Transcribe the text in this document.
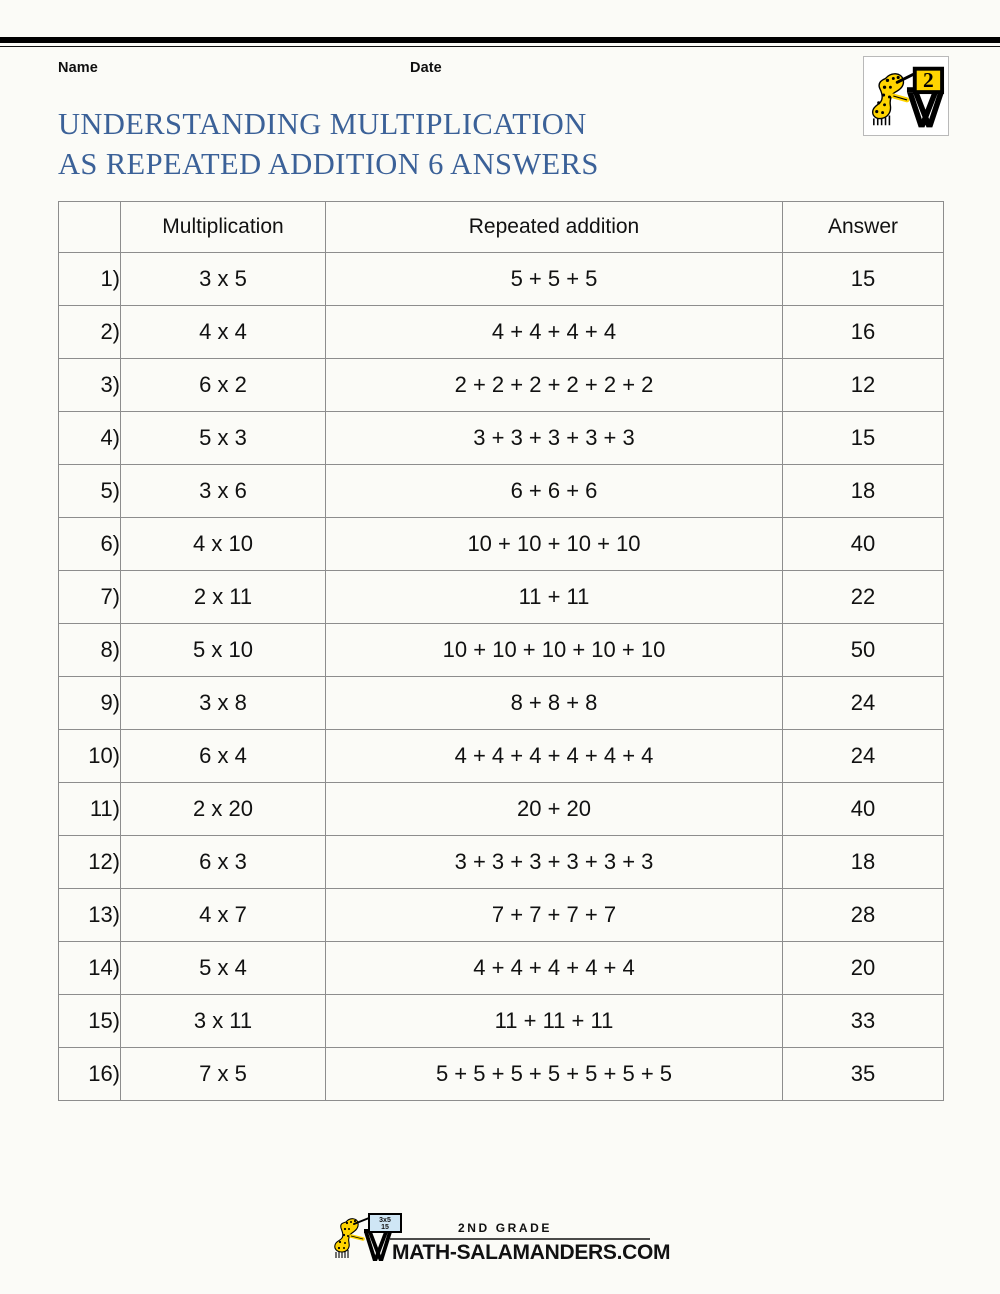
Name	Date
2
UNDERSTANDING MULTIPLICATION
AS REPEATED ADDITION 6 ANSWERS
	Multiplication	Repeated addition	Answer
1)	3 x 5	5 + 5 + 5	15
2)	4 x 4	4 + 4 + 4 + 4	16
3)	6 x 2	2 + 2 + 2 + 2 + 2 + 2	12
4)	5 x 3	3 + 3 + 3 + 3 + 3	15
5)	3 x 6	6 + 6 + 6	18
6)	4 x 10	10 + 10 + 10 + 10	40
7)	2 x 11	11 + 11	22
8)	5 x 10	10 + 10 + 10 + 10 + 10	50
9)	3 x 8	8 + 8 + 8	24
10)	6 x 4	4 + 4 + 4 + 4 + 4 + 4	24
11)	2 x 20	20 + 20	40
12)	6 x 3	3 + 3 + 3 + 3 + 3 + 3	18
13)	4 x 7	7 + 7 + 7 + 7	28
14)	5 x 4	4 + 4 + 4 + 4 + 4	20
15)	3 x 11	11 + 11 + 11	33
16)	7 x 5	5 + 5 + 5 + 5 + 5 + 5 + 5	35
3x5
15	2ND GRADE
MATH-SALAMANDERS.COM
